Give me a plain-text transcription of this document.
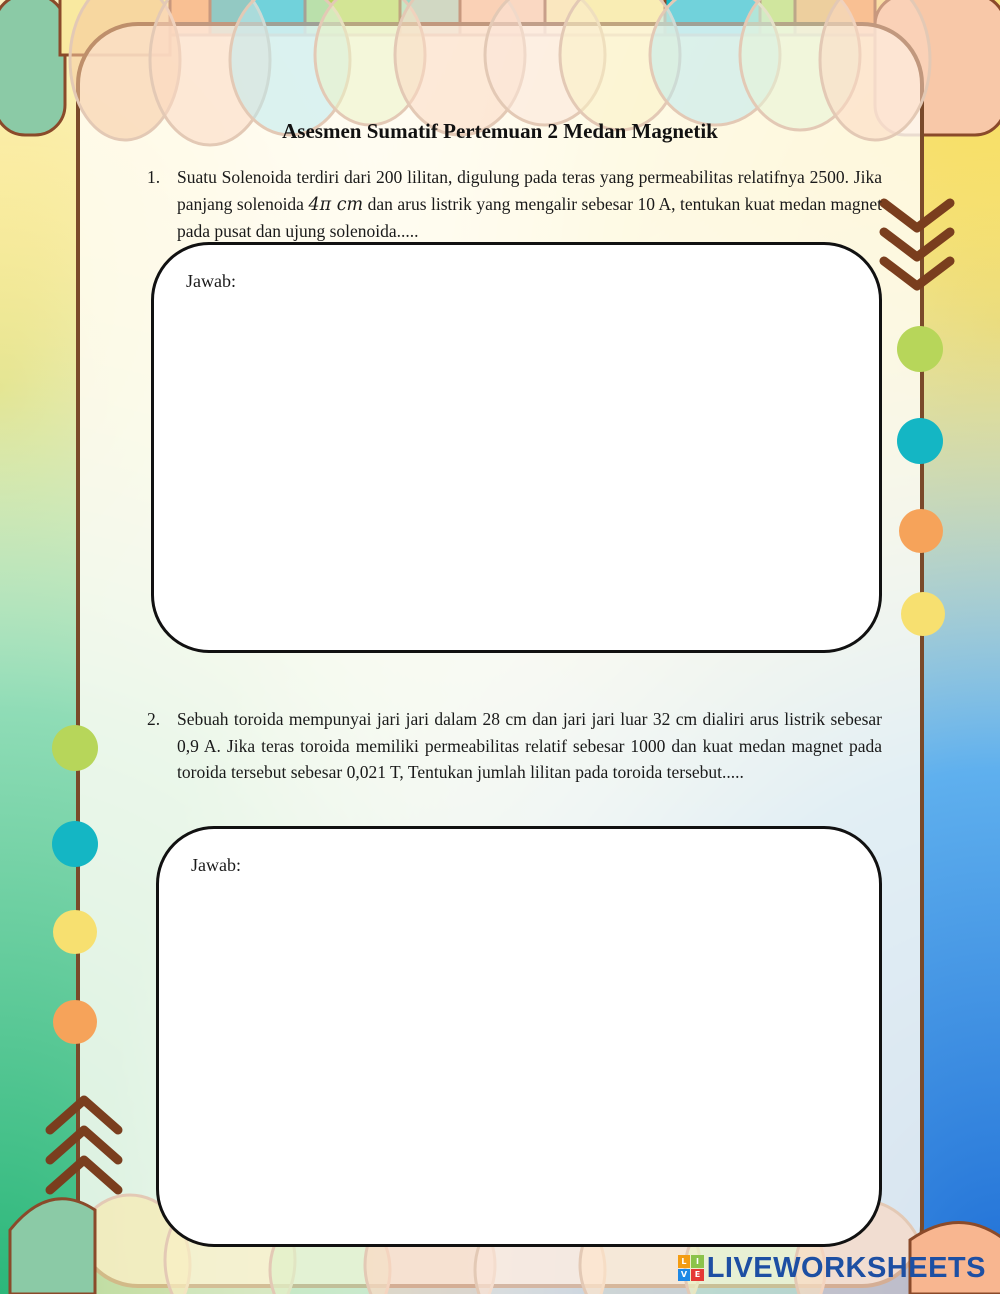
Asesmen Sumatif Pertemuan 2 Medan Magnetik
1. Suatu Solenoida terdiri dari 200 lilitan, digulung pada teras yang permeabilitas relatifnya 2500. Jika panjang solenoida 4π cm dan arus listrik yang mengalir sebesar 10 A, tentukan kuat medan magnet pada pusat dan ujung solenoida.....
Jawab:
2. Sebuah toroida mempunyai jari jari dalam 28 cm dan jari jari luar 32 cm dialiri arus listrik sebesar 0,9 A. Jika teras toroida memiliki permeabilitas relatif sebesar 1000 dan kuat medan magnet pada toroida tersebut sebesar 0,021 T, Tentukan jumlah lilitan pada toroida tersebut.....
Jawab:
L	I
V E LIVEWORKSHEETS
